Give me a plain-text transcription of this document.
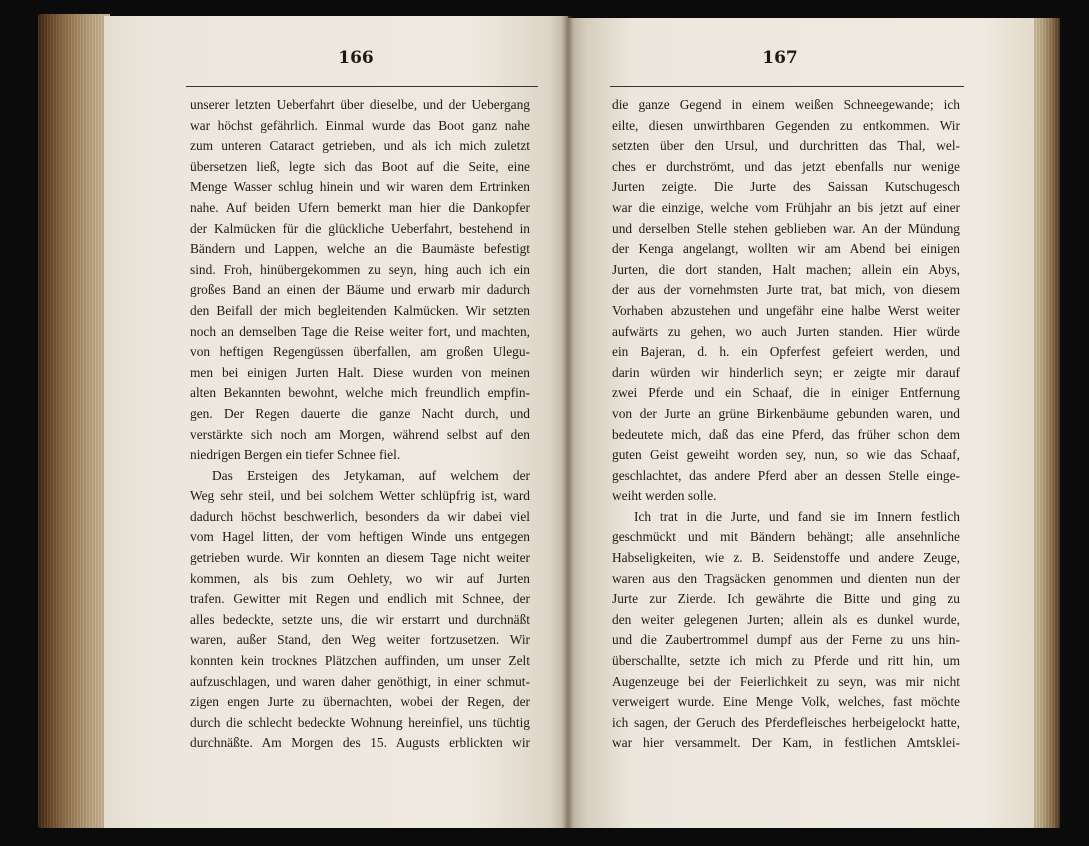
166	167
unserer letzten Ueberfahrt über dieselbe, und der Uebergang
war höchst gefährlich. Einmal wurde das Boot ganz nahe
zum unteren Cataract getrieben, und als ich mich zuletzt
übersetzen ließ, legte sich das Boot auf die Seite, eine
Menge Wasser schlug hinein und wir waren dem Ertrinken
nahe. Auf beiden Ufern bemerkt man hier die Dankopfer
der Kalmücken für die glückliche Ueberfahrt, bestehend in
Bändern und Lappen, welche an die Baumäste befestigt
sind. Froh, hinübergekommen zu seyn, hing auch ich ein
großes Band an einen der Bäume und erwarb mir dadurch
den Beifall der mich begleitenden Kalmücken. Wir setzten
noch an demselben Tage die Reise weiter fort, und machten,
von heftigen Regengüssen überfallen, am großen Ulegu-
men bei einigen Jurten Halt. Diese wurden von meinen
alten Bekannten bewohnt, welche mich freundlich empfin-
gen. Der Regen dauerte die ganze Nacht durch, und
verstärkte sich noch am Morgen, während selbst auf den
niedrigen Bergen ein tiefer Schnee fiel.
Das Ersteigen des Jetykaman, auf welchem der
Weg sehr steil, und bei solchem Wetter schlüpfrig ist, ward
dadurch höchst beschwerlich, besonders da wir dabei viel
vom Hagel litten, der vom heftigen Winde uns entgegen
getrieben wurde. Wir konnten an diesem Tage nicht weiter
kommen, als bis zum Oehlety, wo wir auf Jurten
trafen. Gewitter mit Regen und endlich mit Schnee, der
alles bedeckte, setzte uns, die wir erstarrt und durchnäßt
waren, außer Stand, den Weg weiter fortzusetzen. Wir
konnten kein trocknes Plätzchen auffinden, um unser Zelt
aufzuschlagen, und waren daher genöthigt, in einer schmut-
zigen engen Jurte zu übernachten, wobei der Regen, der
durch die schlecht bedeckte Wohnung hereinfiel, uns tüchtig
durchnäßte. Am Morgen des 15. Augusts erblickten wir
die ganze Gegend in einem weißen Schneegewande; ich
eilte, diesen unwirthbaren Gegenden zu entkommen. Wir
setzten über den Ursul, und durchritten das Thal, wel-
ches er durchströmt, und das jetzt ebenfalls nur wenige
Jurten zeigte. Die Jurte des Saissan Kutschugesch
war die einzige, welche vom Frühjahr an bis jetzt auf einer
und derselben Stelle stehen geblieben war. An der Mündung
der Kenga angelangt, wollten wir am Abend bei einigen
Jurten, die dort standen, Halt machen; allein ein Abys,
der aus der vornehmsten Jurte trat, bat mich, von diesem
Vorhaben abzustehen und ungefähr eine halbe Werst weiter
aufwärts zu gehen, wo auch Jurten standen. Hier würde
ein Bajeran, d. h. ein Opferfest gefeiert werden, und
darin würden wir hinderlich seyn; er zeigte mir darauf
zwei Pferde und ein Schaaf, die in einiger Entfernung
von der Jurte an grüne Birkenbäume gebunden waren, und
bedeutete mich, daß das eine Pferd, das früher schon dem
guten Geist geweiht worden sey, nun, so wie das Schaaf,
geschlachtet, das andere Pferd aber an dessen Stelle einge-
weiht werden solle.
Ich trat in die Jurte, und fand sie im Innern festlich
geschmückt und mit Bändern behängt; alle ansehnliche
Habseligkeiten, wie z. B. Seidenstoffe und andere Zeuge,
waren aus den Tragsäcken genommen und dienten nun der
Jurte zur Zierde. Ich gewährte die Bitte und ging zu
den weiter gelegenen Jurten; allein als es dunkel wurde,
und die Zaubertrommel dumpf aus der Ferne zu uns hin-
überschallte, setzte ich mich zu Pferde und ritt hin, um
Augenzeuge bei der Feierlichkeit zu seyn, was mir nicht
verweigert wurde. Eine Menge Volk, welches, fast möchte
ich sagen, der Geruch des Pferdefleisches herbeigelockt hatte,
war hier versammelt. Der Kam, in festlichen Amtsklei-
